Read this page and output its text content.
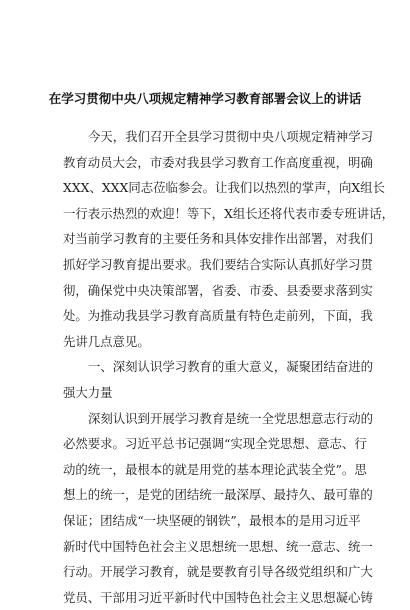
在学习贯彻中央八项规定精神学习教育部署会议上的讲话
今天，我们召开全县学习贯彻中央八项规定精神学习
教育动员大会，市委对我县学习教育工作高度重视，明确
XXX、XXX同志莅临参会。让我们以热烈的掌声，向X组长
一行表示热烈的欢迎！等下，X组长还将代表市委专班讲话，
对当前学习教育的主要任务和具体安排作出部署，对我们
抓好学习教育提出要求。我们要结合实际认真抓好学习贯
彻，确保党中央决策部署，省委、市委、县委要求落到实
处。为推动我县学习教育高质量有特色走前列，下面，我
先讲几点意见。
一、深刻认识学习教育的重大意义，凝聚团结奋进的
强大力量
深刻认识到开展学习教育是统一全党思想意志行动的
必然要求。习近平总书记强调“实现全党思想、意志、行
动的统一，最根本的就是用党的基本理论武装全党”。思
想上的统一，是党的团结统一最深厚、最持久、最可靠的
保证；团结成“一块坚硬的钢铁”，最根本的是用习近平
新时代中国特色社会主义思想统一思想、统一意志、统一
行动。开展学习教育，就是要教育引导各级党组织和广大
党员、干部用习近平新时代中国特色社会主义思想凝心铸
